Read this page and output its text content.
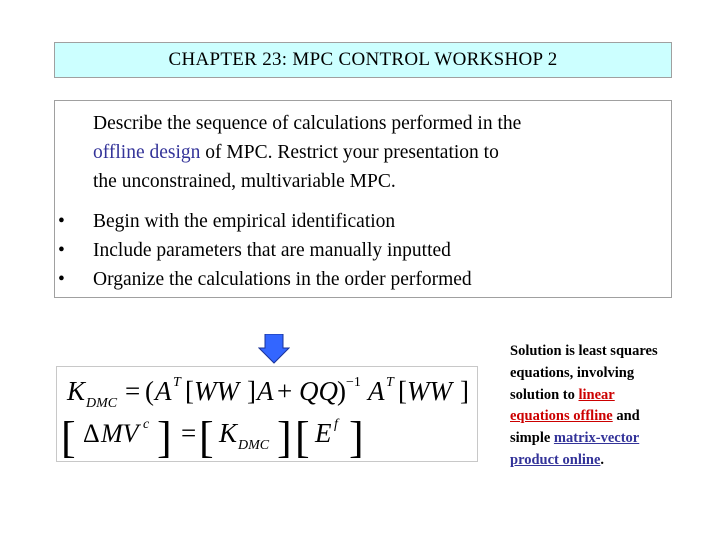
CHAPTER 23: MPC CONTROL WORKSHOP 2
Describe the sequence of calculations performed in the
offline design of MPC. Restrict your presentation to
the unconstrained, multivariable MPC.
•	Begin with the empirical identification
•	Include parameters that are manually inputted
•	Organize the calculations in the order performed
K DMC = ( A T [ WW ] A + QQ ) −1 A T [ WW ]
[ Δ MV c ] = [ K DMC ] [ E f ]
Solution is least squares equations, involving solution to linear equations offline and simple matrix-vector product online.
